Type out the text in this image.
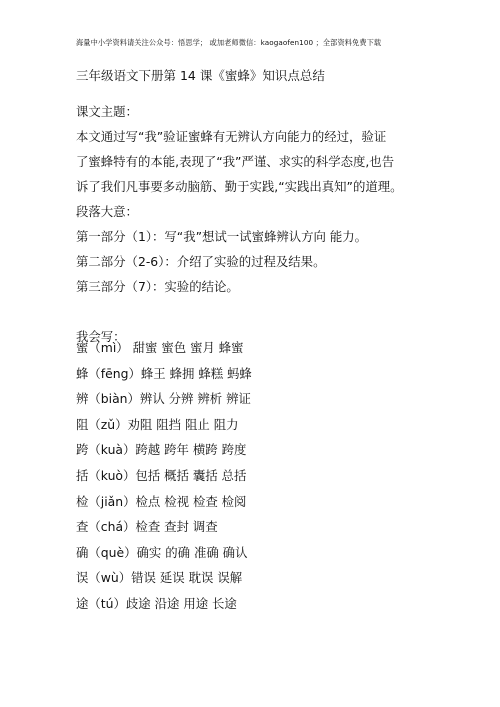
海量中小学资料请关注公众号：悟思学； 或加老师微信：kaogaofen100 ；全部资料免费下载
三年级语文下册第 14 课《蜜蜂》知识点总结
课文主题：
本文通过写“我”验证蜜蜂有无辨认方向能力的经过，验证
了蜜蜂特有的本能,表现了“我”严谨、求实的科学态度,也告
诉了我们凡事要多动脑筋、勤于实践,“实践出真知”的道理。
段落大意：
第一部分（1）：写“我”想试一试蜜蜂辨认方向 能力。
第二部分（2-6）：介绍了实验的过程及结果。
第三部分（7）：实验的结论。
我会写：
蜜（mì） 甜蜜 蜜色 蜜月 蜂蜜
蜂（fēng）蜂王 蜂拥 蜂糕 蚂蜂
辨（biàn）辨认 分辨 辨析 辨证
阻（zǔ）劝阻 阻挡 阻止 阻力
跨（kuà）跨越 跨年 横跨 跨度
括（kuò）包括 概括 囊括 总括
检（jiǎn）检点 检视 检查 检阅
查（chá）检查 查封 调查
确（què）确实 的确 准确 确认
误（wù）错误 延误 耽误 误解
途（tú）歧途 沿途 用途 长途
